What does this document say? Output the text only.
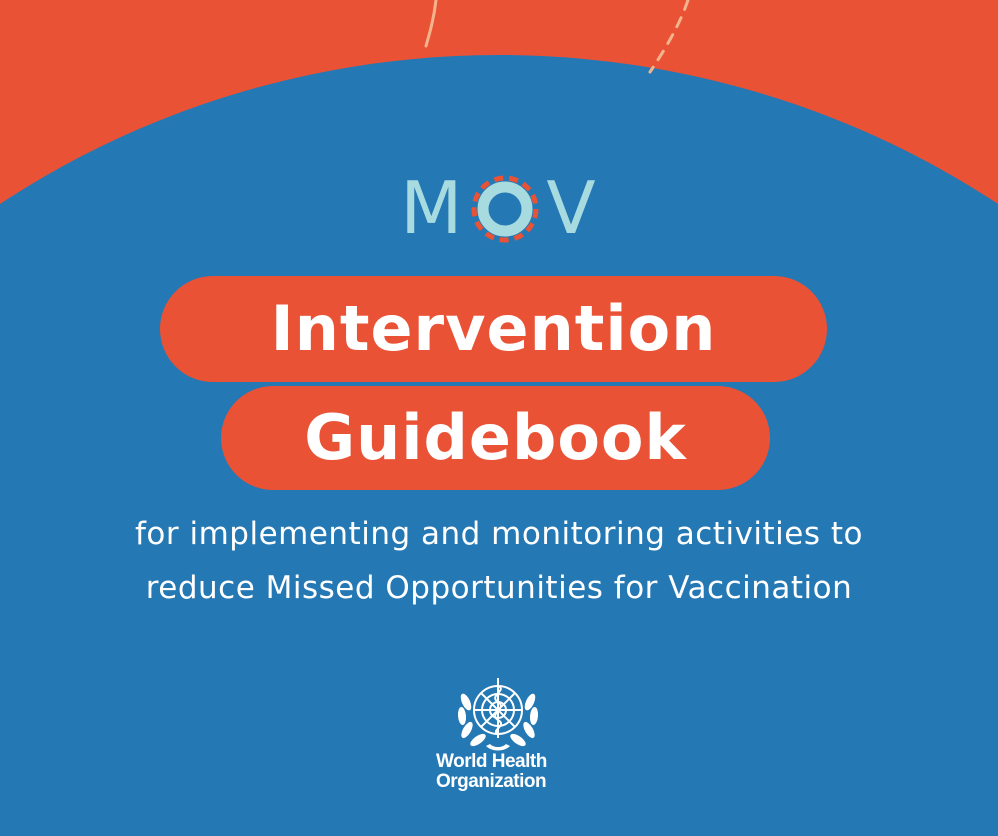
M V
Intervention
Guidebook
for implementing and monitoring activities to
reduce Missed Opportunities for Vaccination
World Health
Organization
